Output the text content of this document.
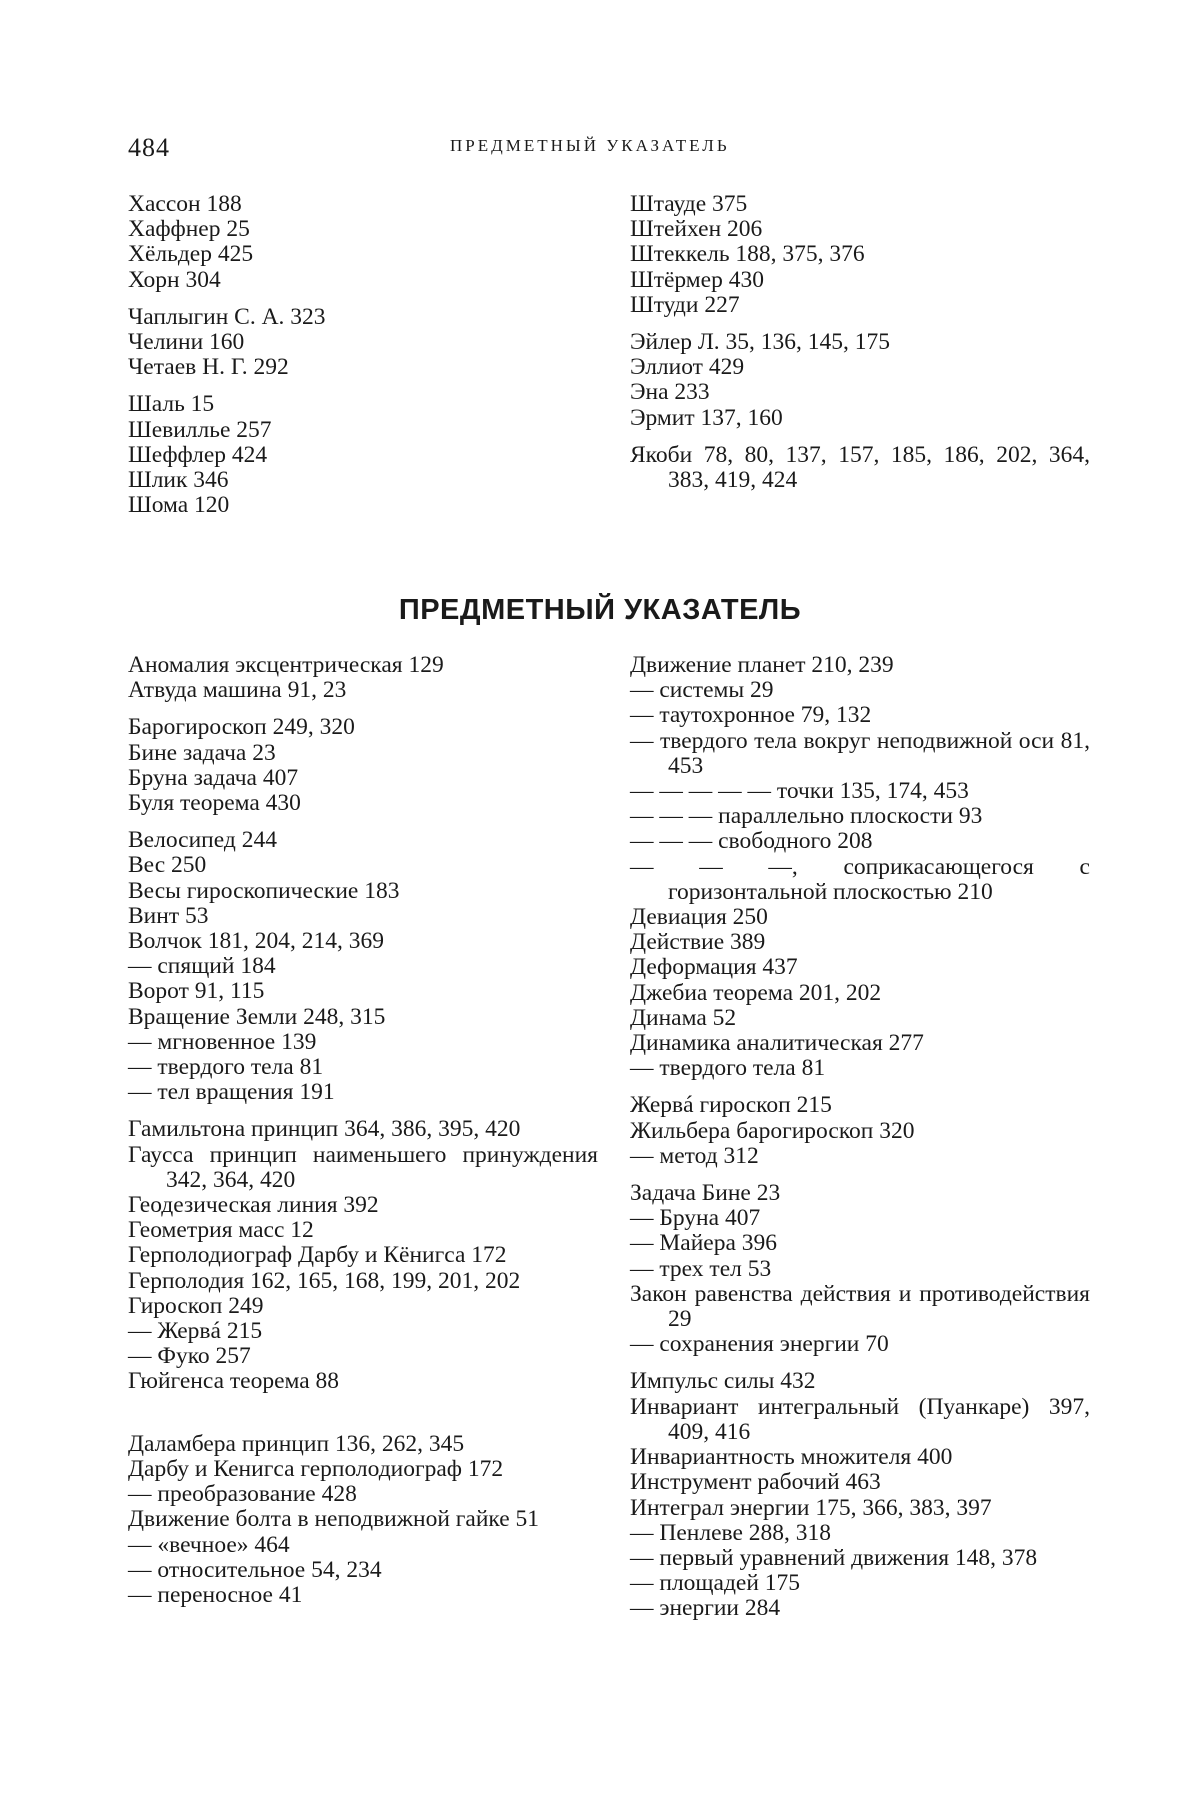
484	ПРЕДМЕТНЫЙ УКАЗАТЕЛЬ
Хассон 188
Хаффнер 25
Хёльдер 425
Хорн 304
Чаплыгин С. А. 323
Челини 160
Четаев Н. Г. 292
Шаль 15
Шевиллье 257
Шеффлер 424
Шлик 346
Шома 120
Штауде 375
Штейхен 206
Штеккель 188, 375, 376
Штёрмер 430
Штуди 227
Эйлер Л. 35, 136, 145, 175
Эллиот 429
Эна 233
Эрмит 137, 160
Якоби 78, 80, 137, 157, 185, 186, 202, 364, 383, 419, 424
ПРЕДМЕТНЫЙ УКАЗАТЕЛЬ
Аномалия эксцентрическая 129
Атвуда машина 91, 23
Барогироскоп 249, 320
Бине задача 23
Бруна задача 407
Буля теорема 430
Велосипед 244
Вес 250
Весы гироскопические 183
Винт 53
Волчок 181, 204, 214, 369
— спящий 184
Ворот 91, 115
Вращение Земли 248, 315
— мгновенное 139
— твердого тела 81
— тел вращения 191
Гамильтона принцип 364, 386, 395, 420
Гаусса принцип наименьшего принуждения 342, 364, 420
Геодезическая линия 392
Геометрия масс 12
Герполодиограф Дарбу и Кёнигса 172
Герполодия 162, 165, 168, 199, 201, 202
Гироскоп 249
— Жервá 215
— Фуко 257
Гюйгенса теорема 88
Даламбера принцип 136, 262, 345
Дарбу и Кенигса герполодиограф 172
— преобразование 428
Движение болта в неподвижной гайке 51
— «вечное» 464
— относительное 54, 234
— переносное 41
Движение планет 210, 239
— системы 29
— таутохронное 79, 132
— твердого тела вокруг неподвижной оси 81, 453
— — — — — точки 135, 174, 453
— — — параллельно плоскости 93
— — — свободного 208
— — —, соприкасающегося с горизонтальной плоскостью 210
Девиация 250
Действие 389
Деформация 437
Джебиа теорема 201, 202
Динама 52
Динамика аналитическая 277
— твердого тела 81
Жервá гироскоп 215
Жильбера барогироскоп 320
— метод 312
Задача Бине 23
— Бруна 407
— Майера 396
— трех тел 53
Закон равенства действия и противодействия 29
— сохранения энергии 70
Импульс силы 432
Инвариант интегральный (Пуанкаре) 397, 409, 416
Инвариантность множителя 400
Инструмент рабочий 463
Интеграл энергии 175, 366, 383, 397
— Пенлеве 288, 318
— первый уравнений движения 148, 378
— площадей 175
— энергии 284
